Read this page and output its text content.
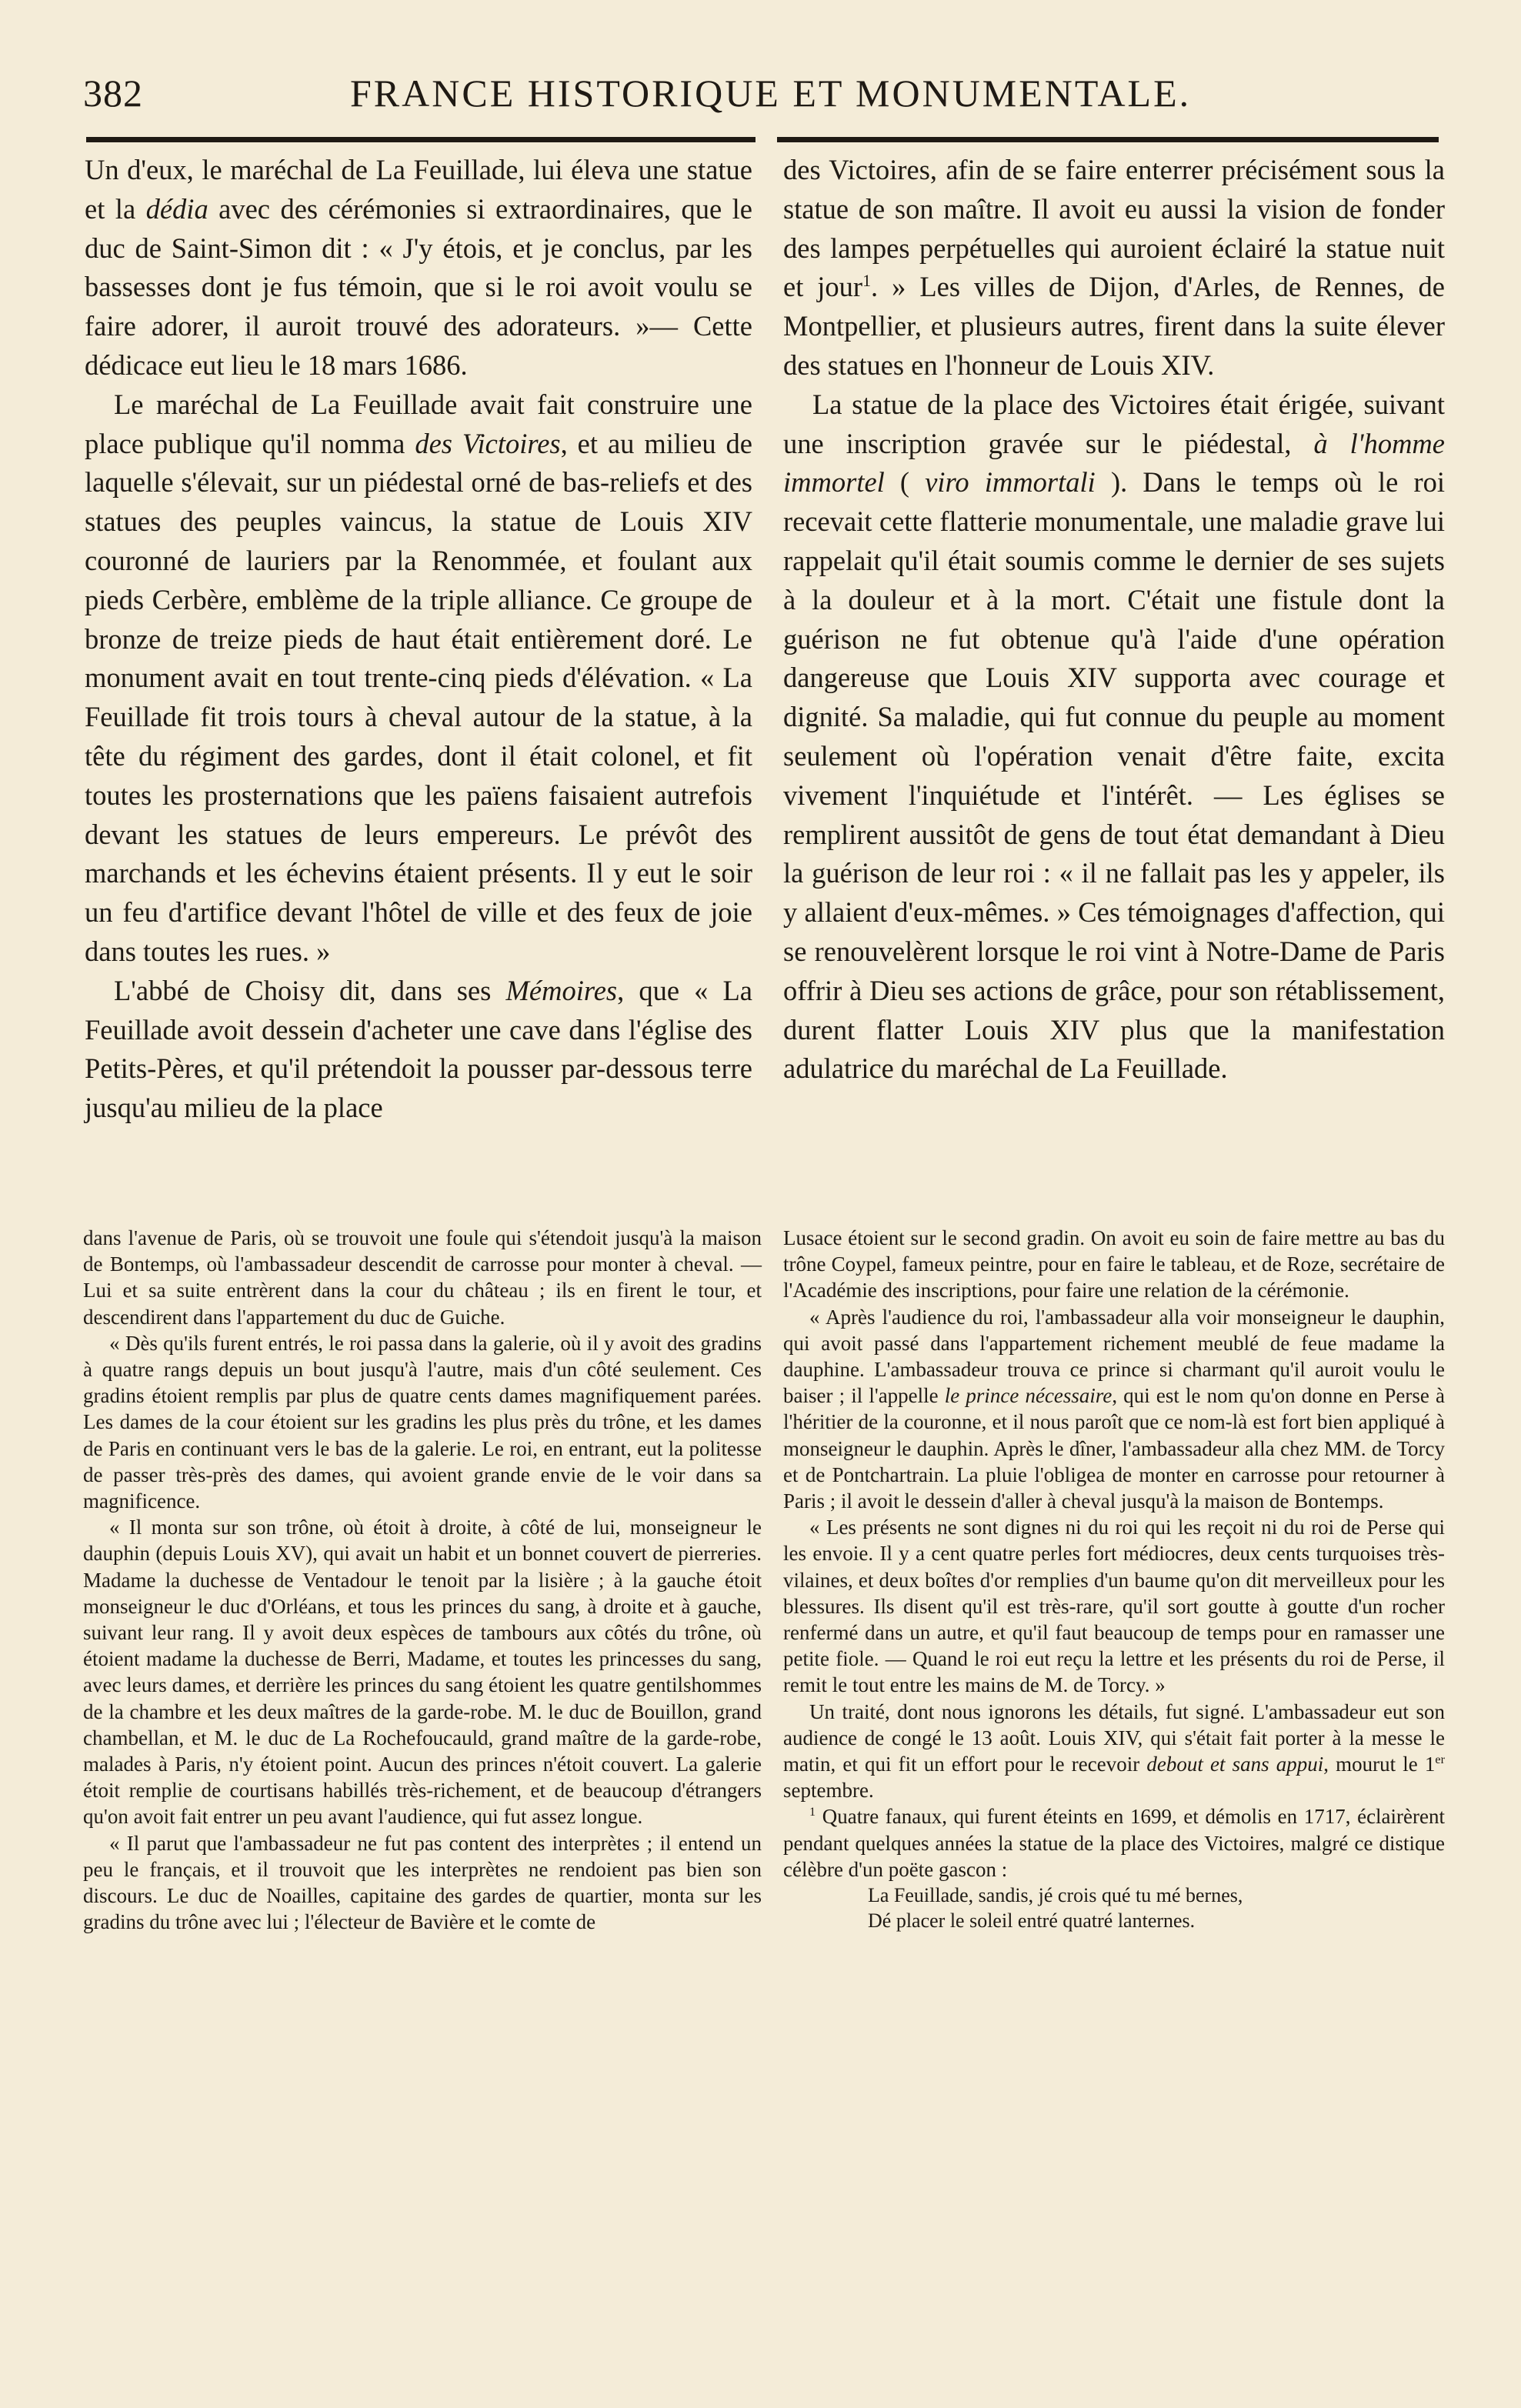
382	FRANCE HISTORIQUE ET MONUMENTALE.

Un d'eux, le maréchal de La Feuillade, lui éleva une statue et la dédia avec des cérémonies si extraordinaires, que le duc de Saint-Simon dit : « J'y étois, et je conclus, par les bassesses dont je fus témoin, que si le roi avoit voulu se faire adorer, il auroit trouvé des adorateurs. »— Cette dédicace eut lieu le 18 mars 1686.

Le maréchal de La Feuillade avait fait construire une place publique qu'il nomma des Victoires, et au milieu de laquelle s'élevait, sur un piédestal orné de bas-reliefs et des statues des peuples vaincus, la statue de Louis XIV couronné de lauriers par la Renommée, et foulant aux pieds Cerbère, emblème de la triple alliance. Ce groupe de bronze de treize pieds de haut était entièrement doré. Le monument avait en tout trente-cinq pieds d'élévation. « La Feuillade fit trois tours à cheval autour de la statue, à la tête du régiment des gardes, dont il était colonel, et fit toutes les prosternations que les païens faisaient autrefois devant les statues de leurs empereurs. Le prévôt des marchands et les échevins étaient présents. Il y eut le soir un feu d'artifice devant l'hôtel de ville et des feux de joie dans toutes les rues. »

L'abbé de Choisy dit, dans ses Mémoires, que « La Feuillade avoit dessein d'acheter une cave dans l'église des Petits-Pères, et qu'il prétendoit la pousser par-dessous terre jusqu'au milieu de la place

des Victoires, afin de se faire enterrer précisément sous la statue de son maître. Il avoit eu aussi la vision de fonder des lampes perpétuelles qui auroient éclairé la statue nuit et jour$^1$. » Les villes de Dijon, d'Arles, de Rennes, de Montpellier, et plusieurs autres, firent dans la suite élever des statues en l'honneur de Louis XIV.

La statue de la place des Victoires était érigée, suivant une inscription gravée sur le piédestal, à l'homme immortel ( viro immortali ). Dans le temps où le roi recevait cette flatterie monumentale, une maladie grave lui rappelait qu'il était soumis comme le dernier de ses sujets à la douleur et à la mort. C'était une fistule dont la guérison ne fut obtenue qu'à l'aide d'une opération dangereuse que Louis XIV supporta avec courage et dignité. Sa maladie, qui fut connue du peuple au moment seulement où l'opération venait d'être faite, excita vivement l'inquiétude et l'intérêt. — Les églises se remplirent aussitôt de gens de tout état demandant à Dieu la guérison de leur roi : « il ne fallait pas les y appeler, ils y allaient d'eux-mêmes. » Ces témoignages d'affection, qui se renouvelèrent lorsque le roi vint à Notre-Dame de Paris offrir à Dieu ses actions de grâce, pour son rétablissement, durent flatter Louis XIV plus que la manifestation adulatrice du maréchal de La Feuillade.

dans l'avenue de Paris, où se trouvoit une foule qui s'étendoit jusqu'à la maison de Bontemps, où l'ambassadeur descendit de carrosse pour monter à cheval. — Lui et sa suite entrèrent dans la cour du château ; ils en firent le tour, et descendirent dans l'appartement du duc de Guiche.

« Dès qu'ils furent entrés, le roi passa dans la galerie, où il y avoit des gradins à quatre rangs depuis un bout jusqu'à l'autre, mais d'un côté seulement. Ces gradins étoient remplis par plus de quatre cents dames magnifiquement parées. Les dames de la cour étoient sur les gradins les plus près du trône, et les dames de Paris en continuant vers le bas de la galerie. Le roi, en entrant, eut la politesse de passer très-près des dames, qui avoient grande envie de le voir dans sa magnificence.

« Il monta sur son trône, où étoit à droite, à côté de lui, monseigneur le dauphin (depuis Louis XV), qui avait un habit et un bonnet couvert de pierreries. Madame la duchesse de Ventadour le tenoit par la lisière ; à la gauche étoit monseigneur le duc d'Orléans, et tous les princes du sang, à droite et à gauche, suivant leur rang. Il y avoit deux espèces de tambours aux côtés du trône, où étoient madame la duchesse de Berri, Madame, et toutes les princesses du sang, avec leurs dames, et derrière les princes du sang étoient les quatre gentilshommes de la chambre et les deux maîtres de la garde-robe. M. le duc de Bouillon, grand chambellan, et M. le duc de La Rochefoucauld, grand maître de la garde-robe, malades à Paris, n'y étoient point. Aucun des princes n'étoit couvert. La galerie étoit remplie de courtisans habillés très-richement, et de beaucoup d'étrangers qu'on avoit fait entrer un peu avant l'audience, qui fut assez longue.

« Il parut que l'ambassadeur ne fut pas content des interprètes ; il entend un peu le français, et il trouvoit que les interprètes ne rendoient pas bien son discours. Le duc de Noailles, capitaine des gardes de quartier, monta sur les gradins du trône avec lui ; l'électeur de Bavière et le comte de

Lusace étoient sur le second gradin. On avoit eu soin de faire mettre au bas du trône Coypel, fameux peintre, pour en faire le tableau, et de Roze, secrétaire de l'Académie des inscriptions, pour faire une relation de la cérémonie.

« Après l'audience du roi, l'ambassadeur alla voir monseigneur le dauphin, qui avoit passé dans l'appartement richement meublé de feue madame la dauphine. L'ambassadeur trouva ce prince si charmant qu'il auroit voulu le baiser ; il l'appelle le prince nécessaire, qui est le nom qu'on donne en Perse à l'héritier de la couronne, et il nous paroît que ce nom-là est fort bien appliqué à monseigneur le dauphin. Après le dîner, l'ambassadeur alla chez MM. de Torcy et de Pontchartrain. La pluie l'obligea de monter en carrosse pour retourner à Paris ; il avoit le dessein d'aller à cheval jusqu'à la maison de Bontemps.

« Les présents ne sont dignes ni du roi qui les reçoit ni du roi de Perse qui les envoie. Il y a cent quatre perles fort médiocres, deux cents turquoises très-vilaines, et deux boîtes d'or remplies d'un baume qu'on dit merveilleux pour les blessures. Ils disent qu'il est très-rare, qu'il sort goutte à goutte d'un rocher renfermé dans un autre, et qu'il faut beaucoup de temps pour en ramasser une petite fiole. — Quand le roi eut reçu la lettre et les présents du roi de Perse, il remit le tout entre les mains de M. de Torcy. »

Un traité, dont nous ignorons les détails, fut signé. L'ambassadeur eut son audience de congé le 13 août. Louis XIV, qui s'était fait porter à la messe le matin, et qui fit un effort pour le recevoir debout et sans appui, mourut le 1er septembre.

$^1$ Quatre fanaux, qui furent éteints en 1699, et démolis en 1717, éclairèrent pendant quelques années la statue de la place des Victoires, malgré ce distique célèbre d'un poëte gascon :

La Feuillade, sandis, jé crois qué tu mé bernes,

Dé placer le soleil entré quatré lanternes.
